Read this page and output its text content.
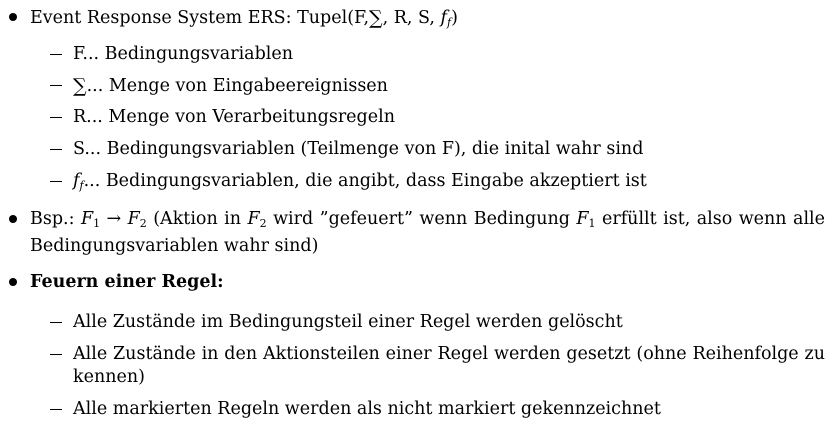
Event Response System ERS: Tupel(F,∑, R, S, $f_f$)
F... Bedingungsvariablen
∑... Menge von Eingabeereignissen
R... Menge von Verarbeitungsregeln
S... Bedingungsvariablen (Teilmenge von F), die inital wahr sind
$f_f$... Bedingungsvariablen, die angibt, dass Eingabe akzeptiert ist
Bsp.: F1 → F2 (Aktion in F2 wird ”gefeuert” wenn Bedingung F1 erfüllt ist, also wenn alle Bedingungsvariablen wahr sind)
Feuern einer Regel:
Alle Zustände im Bedingungsteil einer Regel werden gelöscht
Alle Zustände in den Aktionsteilen einer Regel werden gesetzt (ohne Reihenfolge zu kennen)
Alle markierten Regeln werden als nicht markiert gekennzeichnet
